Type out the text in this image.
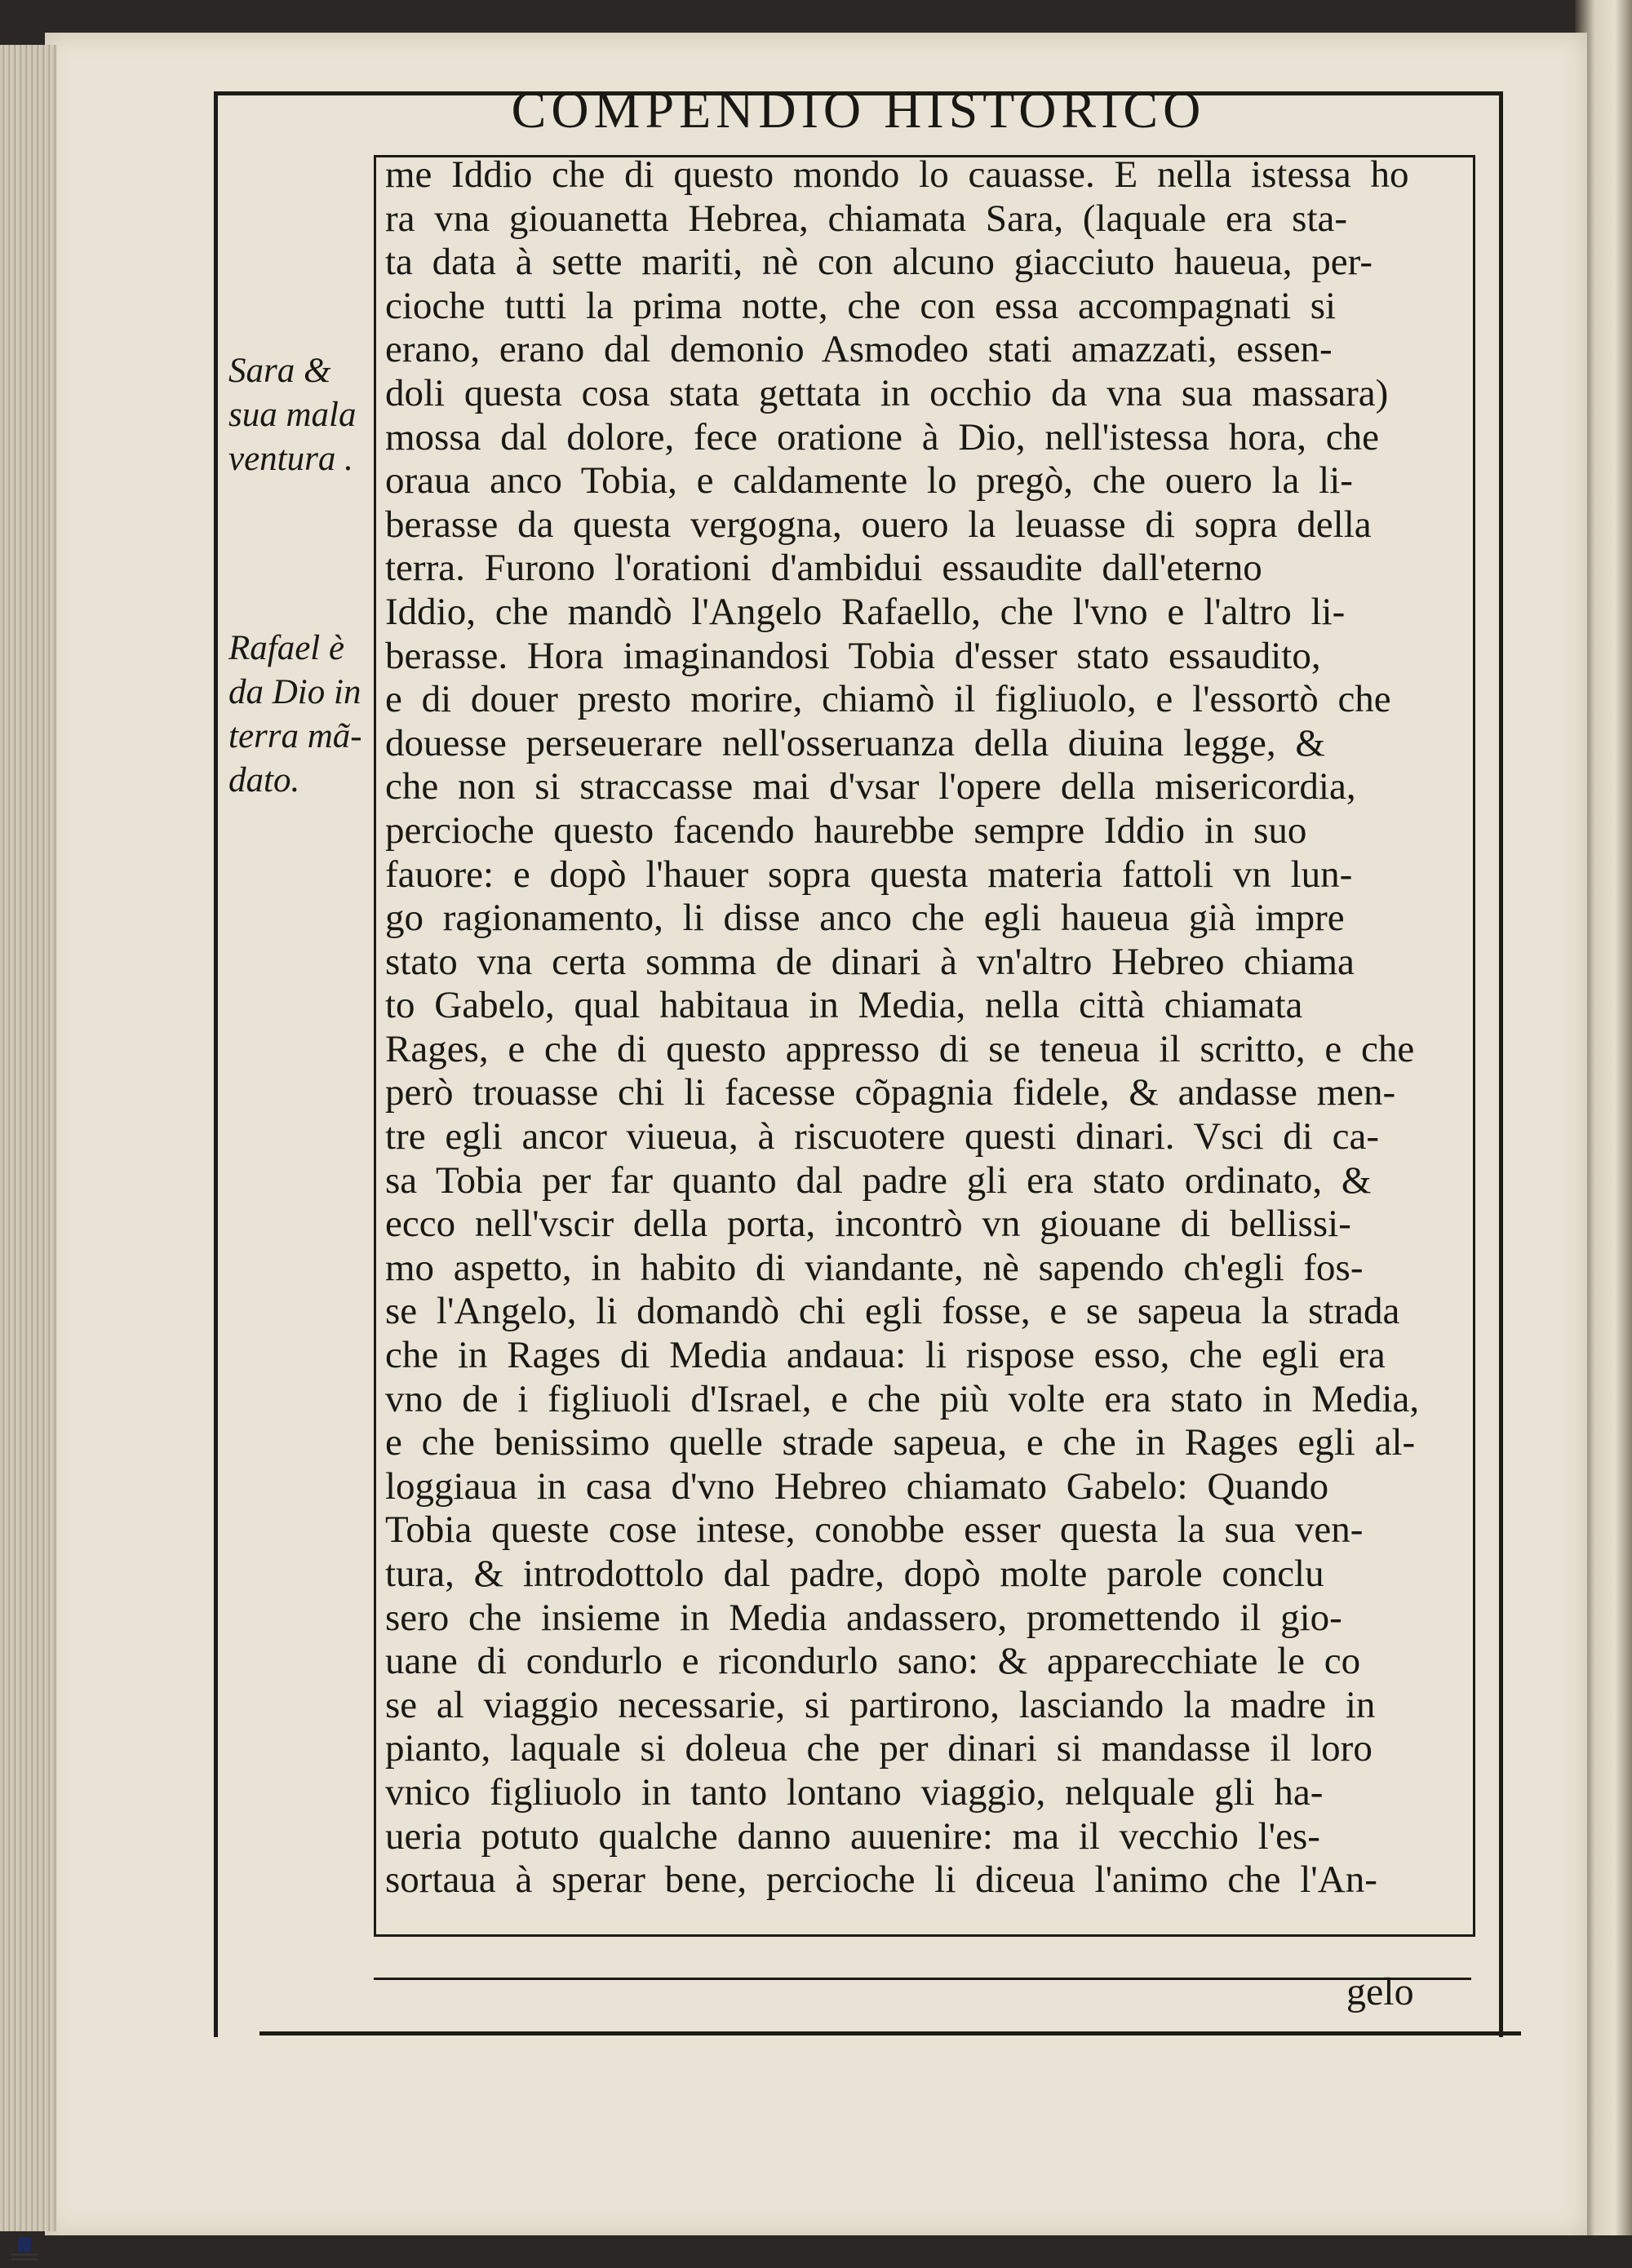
COMPENDIO HISTORICO
Sara &
sua mala
ventura .
Rafael è
da Dio in
terra mã-
dato.
me Iddio che di questo mondo lo cauasse. E nella istessa ho
ra vna giouanetta Hebrea, chiamata Sara, (laquale era sta-
ta data à sette mariti, nè con alcuno giacciuto haueua, per-
cioche tutti la prima notte, che con essa accompagnati si
erano, erano dal demonio Asmodeo stati amazzati, essen-
doli questa cosa stata gettata in occhio da vna sua massara)
mossa dal dolore, fece oratione à Dio, nell'istessa hora, che
oraua anco Tobia, e caldamente lo pregò, che ouero la li-
berasse da questa vergogna, ouero la leuasse di sopra della
terra. Furono l'orationi d'ambidui essaudite dall'eterno
Iddio, che mandò l'Angelo Rafaello, che l'vno e l'altro li-
berasse. Hora imaginandosi Tobia d'esser stato essaudito,
e di douer presto morire, chiamò il figliuolo, e l'essortò che
douesse perseuerare nell'osseruanza della diuina legge, &
che non si straccasse mai d'vsar l'opere della misericordia,
percioche questo facendo haurebbe sempre Iddio in suo
fauore: e dopò l'hauer sopra questa materia fattoli vn lun-
go ragionamento, li disse anco che egli haueua già impre
stato vna certa somma de dinari à vn'altro Hebreo chiama
to Gabelo, qual habitaua in Media, nella città chiamata
Rages, e che di questo appresso di se teneua il scritto, e che
però trouasse chi li facesse cõpagnia fidele, & andasse men-
tre egli ancor viueua, à riscuotere questi dinari. Vsci di ca-
sa Tobia per far quanto dal padre gli era stato ordinato, &
ecco nell'vscir della porta, incontrò vn giouane di bellissi-
mo aspetto, in habito di viandante, nè sapendo ch'egli fos-
se l'Angelo, li domandò chi egli fosse, e se sapeua la strada
che in Rages di Media andaua: li rispose esso, che egli era
vno de i figliuoli d'Israel, e che più volte era stato in Media,
e che benissimo quelle strade sapeua, e che in Rages egli al-
loggiaua in casa d'vno Hebreo chiamato Gabelo: Quando
Tobia queste cose intese, conobbe esser questa la sua ven-
tura, & introdottolo dal padre, dopò molte parole conclu
sero che insieme in Media andassero, promettendo il gio-
uane di condurlo e ricondurlo sano: & apparecchiate le co
se al viaggio necessarie, si partirono, lasciando la madre in
pianto, laquale si doleua che per dinari si mandasse il loro
vnico figliuolo in tanto lontano viaggio, nelquale gli ha-
ueria potuto qualche danno auuenire: ma il vecchio l'es-
sortaua à sperar bene, percioche li diceua l'animo che l'An-
gelo
